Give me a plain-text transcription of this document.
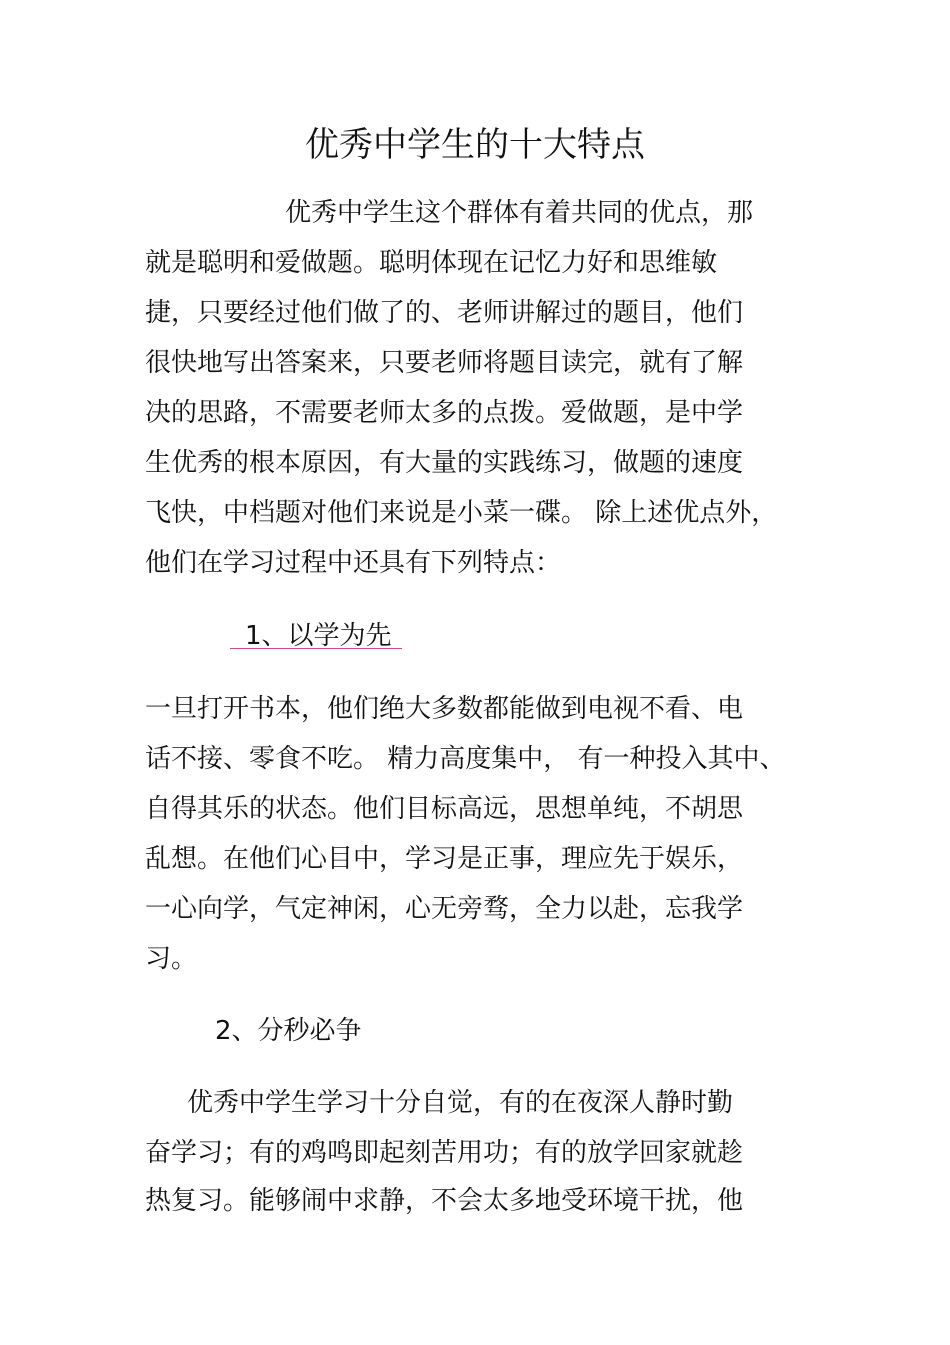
优秀中学生的十大特点
优秀中学生这个群体有着共同的优点，那
就是聪明和爱做题。聪明体现在记忆力好和思维敏
捷，只要经过他们做了的、老师讲解过的题目，他们
很快地写出答案来，只要老师将题目读完，就有了解
决的思路，不需要老师太多的点拨。爱做题，是中学
生优秀的根本原因，有大量的实践练习，做题的速度
飞快，中档题对他们来说是小菜一碟。 除上述优点外，
他们在学习过程中还具有下列特点：
1、以学为先
一旦打开书本，他们绝大多数都能做到电视不看、电
话不接、零食不吃。 精力高度集中， 有一种投入其中、
自得其乐的状态。他们目标高远，思想单纯，不胡思
乱想。在他们心目中，学习是正事，理应先于娱乐，
一心向学，气定神闲，心无旁骛，全力以赴，忘我学
习。
2、分秒必争
优秀中学生学习十分自觉，有的在夜深人静时勤
奋学习；有的鸡鸣即起刻苦用功；有的放学回家就趁
热复习。能够闹中求静，不会太多地受环境干扰，他
